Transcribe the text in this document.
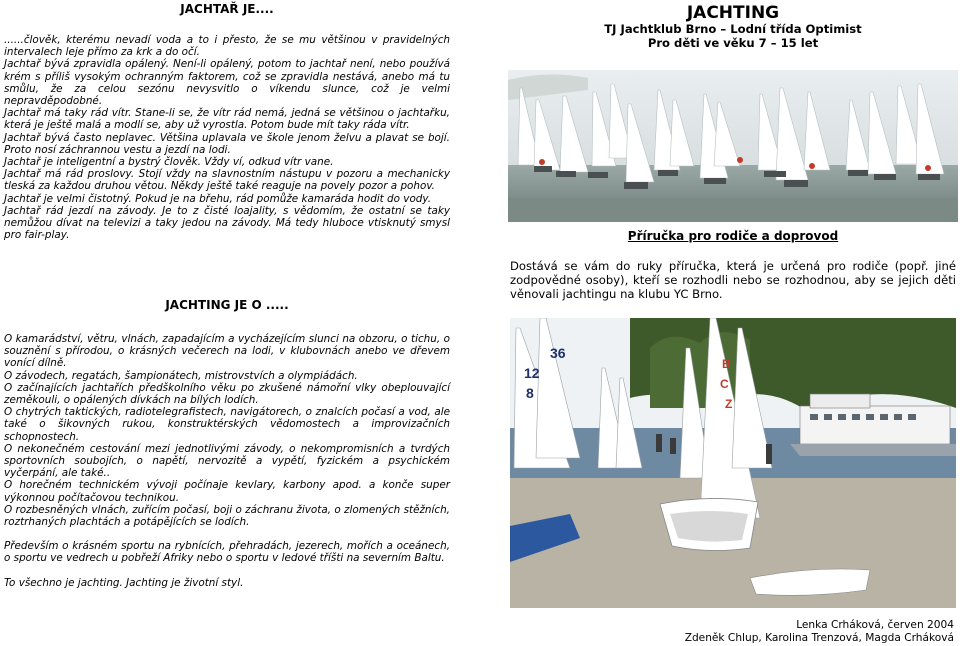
JACHTAŘ JE....

......člověk, kterému nevadí voda a to i přesto, že se mu většinou v pravidelných intervalech leje přímo za krk a do očí.

Jachtař bývá zpravidla opálený. Není-li opálený, potom to jachtař není, nebo používá krém s příliš vysokým ochranným faktorem, což se zpravidla nestává, anebo má tu smůlu, že za celou sezónu nevysvitlo o víkendu slunce, což je velmi nepravděpodobné.

Jachtař má taky rád vítr. Stane-li se, že vítr rád nemá, jedná se většinou o jachtařku, která je ještě malá a modlí se, aby už vyrostla. Potom bude mít taky ráda vítr.

Jachtař bývá často neplavec. Většina uplavala ve škole jenom želvu a plavat se bojí. Proto nosí záchrannou vestu a jezdí na lodi.

Jachtař je inteligentní a bystrý člověk. Vždy ví, odkud vítr vane.

Jachtař má rád proslovy. Stojí vždy na slavnostním nástupu v pozoru a mechanicky tleská za každou druhou větou. Někdy ještě také reaguje na povely pozor a pohov.

Jachtař je velmi čistotný. Pokud je na břehu, rád pomůže kamaráda hodit do vody.

Jachtař rád jezdí na závody. Je to z čisté loajality, s vědomím, že ostatní se taky nemůžou dívat na televizi a taky jedou na závody. Má tedy hluboce vtisknutý smysl pro fair-play.

JACHTING JE O .....

O kamarádství, větru, vlnách, zapadajícím a vycházejícím slunci na obzoru, o tichu, o souznění s přírodou, o krásných večerech na lodi, v klubovnách anebo ve dřevem vonící dílně.

O závodech, regatách, šampionátech, mistrovstvích a olympiádách.

O začínajících jachtařích předškolního věku po zkušené námořní vlky obeplouvající zeměkouli, o opálených dívkách na bílých lodích.

O chytrých taktických, radiotelegrafistech, navigátorech, o znalcích počasí a vod, ale také o šikovných rukou, konstruktérských vědomostech a improvizačních schopnostech.

O nekonečném cestování mezi jednotlivými závody, o nekompromisních a tvrdých sportovních soubojích, o napětí, nervozitě a vypětí, fyzickém a psychickém vyčerpání, ale také..

O horečném technickém vývoji počínaje kevlary, karbony apod. a konče super výkonnou počítačovou technikou.

O rozbesněných vlnách, zuřícím počasí, boji o záchranu života, o zlomených stěžních, roztrhaných plachtách a potápějících se lodích.

Především o krásném sportu na rybnících, přehradách, jezerech, mořích a oceánech, o sportu ve vedrech u pobřeží Afriky nebo o sportu v ledové tříšti na severním Baltu.

To všechno je jachting. Jachting je životní styl.

JACHTING
TJ Jachtklub Brno – Lodní třída Optimist
Pro děti ve věku 7 – 15 let
Příručka pro rodiče a doprovod

Dostává se vám do ruky příručka, která je určená pro rodiče (popř. jiné zodpovědné osoby), kteří se rozhodli nebo se rozhodnou, aby se jejich děti věnovali jachtingu na klubu YC Brno.

12
8
36
B
C
Z
Lenka Crháková, červen 2004
Zdeněk Chlup, Karolina Trenzová, Magda Crháková
